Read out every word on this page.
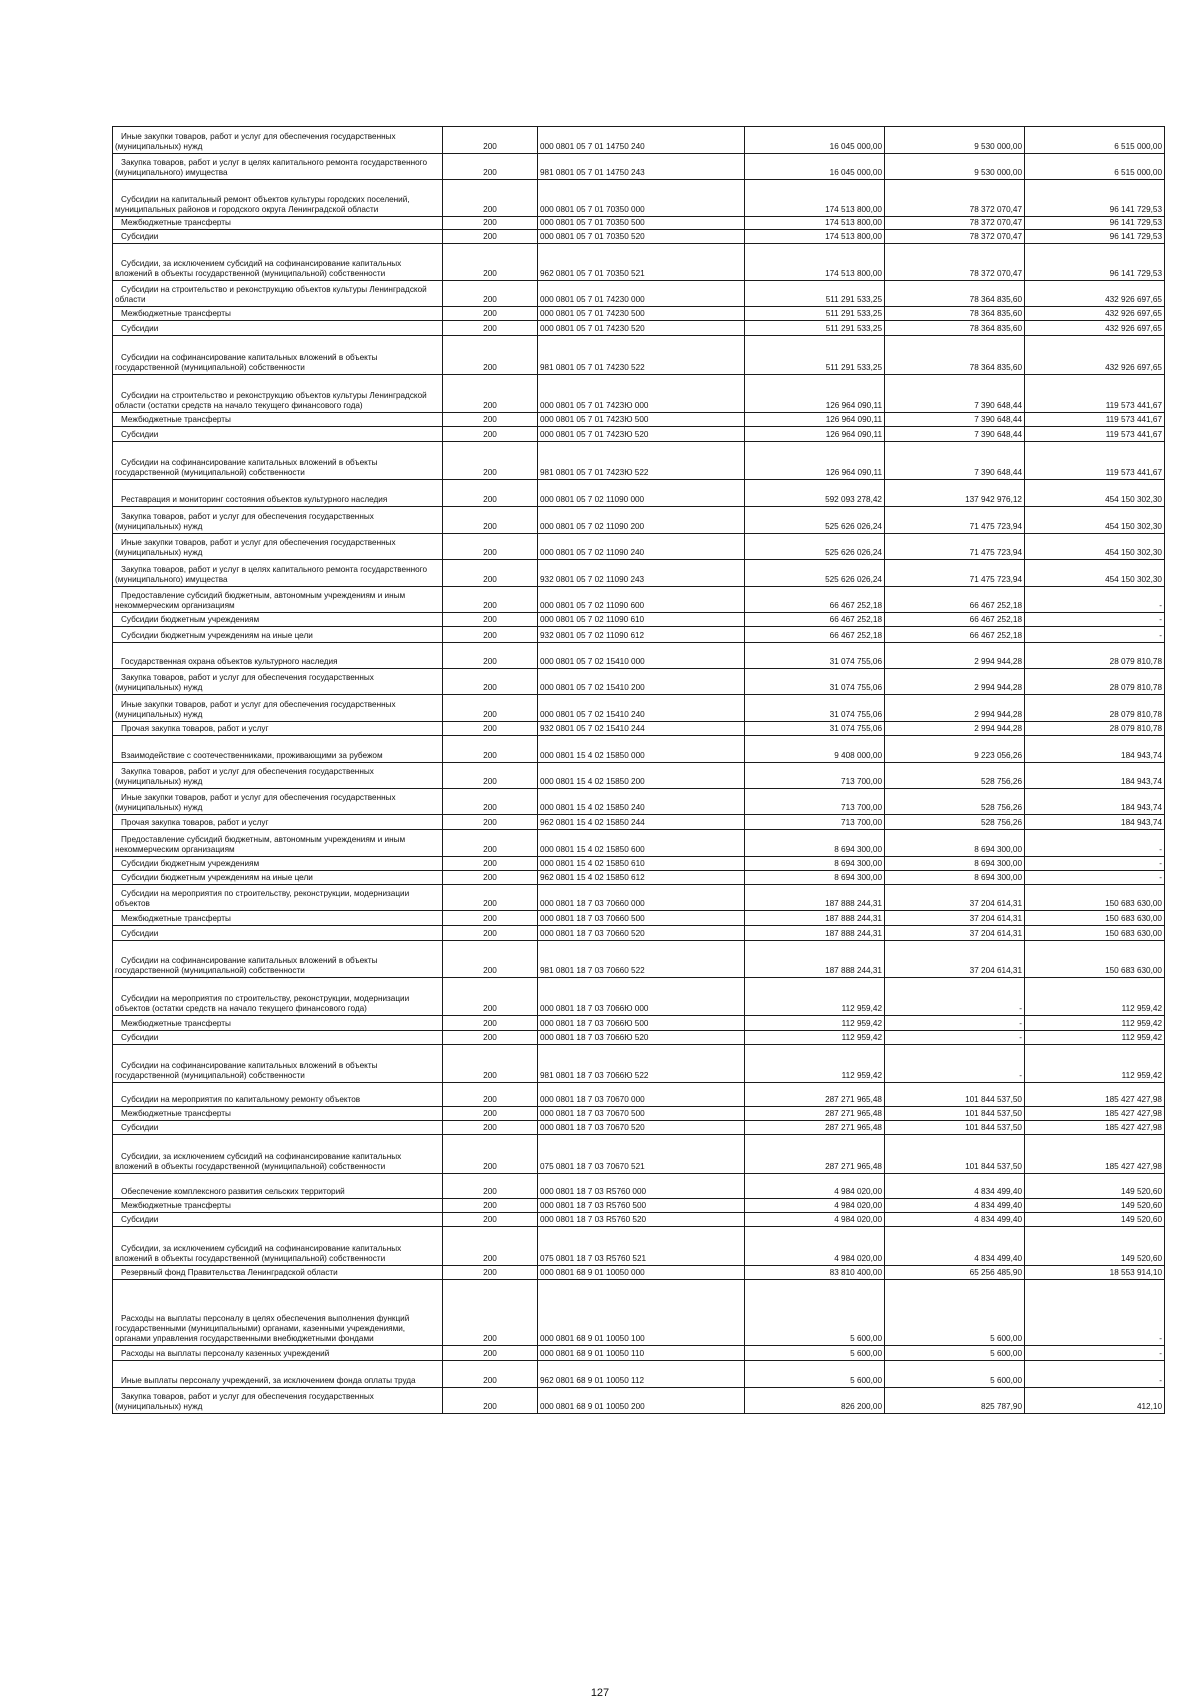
Иные закупки товаров, работ и услуг для обеспечения государственных (муниципальных) нужд	200	000 0801 05 7 01 14750 240	16 045 000,00	9 530 000,00	6 515 000,00
Закупка товаров, работ и услуг в целях капитального ремонта государственного (муниципального) имущества	200	981 0801 05 7 01 14750 243	16 045 000,00	9 530 000,00	6 515 000,00
Субсидии на капитальный ремонт объектов культуры городских поселений, муниципальных районов и городского округа Ленинградской области	200	000 0801 05 7 01 70350 000	174 513 800,00	78 372 070,47	96 141 729,53
Межбюджетные трансферты	200	000 0801 05 7 01 70350 500	174 513 800,00	78 372 070,47	96 141 729,53
Субсидии	200	000 0801 05 7 01 70350 520	174 513 800,00	78 372 070,47	96 141 729,53
Субсидии, за исключением субсидий на софинансирование капитальных вложений в объекты государственной (муниципальной) собственности	200	962 0801 05 7 01 70350 521	174 513 800,00	78 372 070,47	96 141 729,53
Субсидии на строительство и реконструкцию объектов культуры Ленинградской области	200	000 0801 05 7 01 74230 000	511 291 533,25	78 364 835,60	432 926 697,65
Межбюджетные трансферты	200	000 0801 05 7 01 74230 500	511 291 533,25	78 364 835,60	432 926 697,65
Субсидии	200	000 0801 05 7 01 74230 520	511 291 533,25	78 364 835,60	432 926 697,65
Субсидии на софинансирование капитальных вложений в объекты государственной (муниципальной) собственности	200	981 0801 05 7 01 74230 522	511 291 533,25	78 364 835,60	432 926 697,65
Субсидии на строительство и реконструкцию объектов культуры Ленинградской области (остатки средств на начало текущего финансового года)	200	000 0801 05 7 01 7423Ю 000	126 964 090,11	7 390 648,44	119 573 441,67
Межбюджетные трансферты	200	000 0801 05 7 01 7423Ю 500	126 964 090,11	7 390 648,44	119 573 441,67
Субсидии	200	000 0801 05 7 01 7423Ю 520	126 964 090,11	7 390 648,44	119 573 441,67
Субсидии на софинансирование капитальных вложений в объекты государственной (муниципальной) собственности	200	981 0801 05 7 01 7423Ю 522	126 964 090,11	7 390 648,44	119 573 441,67
Реставрация и мониторинг состояния объектов культурного наследия	200	000 0801 05 7 02 11090 000	592 093 278,42	137 942 976,12	454 150 302,30
Закупка товаров, работ и услуг для обеспечения государственных (муниципальных) нужд	200	000 0801 05 7 02 11090 200	525 626 026,24	71 475 723,94	454 150 302,30
Иные закупки товаров, работ и услуг для обеспечения государственных (муниципальных) нужд	200	000 0801 05 7 02 11090 240	525 626 026,24	71 475 723,94	454 150 302,30
Закупка товаров, работ и услуг в целях капитального ремонта государственного (муниципального) имущества	200	932 0801 05 7 02 11090 243	525 626 026,24	71 475 723,94	454 150 302,30
Предоставление субсидий бюджетным, автономным учреждениям и иным некоммерческим организациям	200	000 0801 05 7 02 11090 600	66 467 252,18	66 467 252,18	-
Субсидии бюджетным учреждениям	200	000 0801 05 7 02 11090 610	66 467 252,18	66 467 252,18	-
Субсидии бюджетным учреждениям на иные цели	200	932 0801 05 7 02 11090 612	66 467 252,18	66 467 252,18	-
Государственная охрана объектов культурного наследия	200	000 0801 05 7 02 15410 000	31 074 755,06	2 994 944,28	28 079 810,78
Закупка товаров, работ и услуг для обеспечения государственных (муниципальных) нужд	200	000 0801 05 7 02 15410 200	31 074 755,06	2 994 944,28	28 079 810,78
Иные закупки товаров, работ и услуг для обеспечения государственных (муниципальных) нужд	200	000 0801 05 7 02 15410 240	31 074 755,06	2 994 944,28	28 079 810,78
Прочая закупка товаров, работ и услуг	200	932 0801 05 7 02 15410 244	31 074 755,06	2 994 944,28	28 079 810,78
Взаимодействие с соотечественниками, проживающими за рубежом	200	000 0801 15 4 02 15850 000	9 408 000,00	9 223 056,26	184 943,74
Закупка товаров, работ и услуг для обеспечения государственных (муниципальных) нужд	200	000 0801 15 4 02 15850 200	713 700,00	528 756,26	184 943,74
Иные закупки товаров, работ и услуг для обеспечения государственных (муниципальных) нужд	200	000 0801 15 4 02 15850 240	713 700,00	528 756,26	184 943,74
Прочая закупка товаров, работ и услуг	200	962 0801 15 4 02 15850 244	713 700,00	528 756,26	184 943,74
Предоставление субсидий бюджетным, автономным учреждениям и иным некоммерческим организациям	200	000 0801 15 4 02 15850 600	8 694 300,00	8 694 300,00	-
Субсидии бюджетным учреждениям	200	000 0801 15 4 02 15850 610	8 694 300,00	8 694 300,00	-
Субсидии бюджетным учреждениям на иные цели	200	962 0801 15 4 02 15850 612	8 694 300,00	8 694 300,00	-
Субсидии на мероприятия по строительству, реконструкции, модернизации объектов	200	000 0801 18 7 03 70660 000	187 888 244,31	37 204 614,31	150 683 630,00
Межбюджетные трансферты	200	000 0801 18 7 03 70660 500	187 888 244,31	37 204 614,31	150 683 630,00
Субсидии	200	000 0801 18 7 03 70660 520	187 888 244,31	37 204 614,31	150 683 630,00
Субсидии на софинансирование капитальных вложений в объекты государственной (муниципальной) собственности	200	981 0801 18 7 03 70660 522	187 888 244,31	37 204 614,31	150 683 630,00
Субсидии на мероприятия по строительству, реконструкции, модернизации объектов (остатки средств на начало текущего финансового года)	200	000 0801 18 7 03 7066Ю 000	112 959,42	-	112 959,42
Межбюджетные трансферты	200	000 0801 18 7 03 7066Ю 500	112 959,42	-	112 959,42
Субсидии	200	000 0801 18 7 03 7066Ю 520	112 959,42	-	112 959,42
Субсидии на софинансирование капитальных вложений в объекты государственной (муниципальной) собственности	200	981 0801 18 7 03 7066Ю 522	112 959,42	-	112 959,42
Субсидии на мероприятия по капитальному ремонту объектов	200	000 0801 18 7 03 70670 000	287 271 965,48	101 844 537,50	185 427 427,98
Межбюджетные трансферты	200	000 0801 18 7 03 70670 500	287 271 965,48	101 844 537,50	185 427 427,98
Субсидии	200	000 0801 18 7 03 70670 520	287 271 965,48	101 844 537,50	185 427 427,98
Субсидии, за исключением субсидий на софинансирование капитальных вложений в объекты государственной (муниципальной) собственности	200	075 0801 18 7 03 70670 521	287 271 965,48	101 844 537,50	185 427 427,98
Обеспечение комплексного развития сельских территорий	200	000 0801 18 7 03 R5760 000	4 984 020,00	4 834 499,40	149 520,60
Межбюджетные трансферты	200	000 0801 18 7 03 R5760 500	4 984 020,00	4 834 499,40	149 520,60
Субсидии	200	000 0801 18 7 03 R5760 520	4 984 020,00	4 834 499,40	149 520,60
Субсидии, за исключением субсидий на софинансирование капитальных вложений в объекты государственной (муниципальной) собственности	200	075 0801 18 7 03 R5760 521	4 984 020,00	4 834 499,40	149 520,60
Резервный фонд Правительства Ленинградской области	200	000 0801 68 9 01 10050 000	83 810 400,00	65 256 485,90	18 553 914,10
Расходы на выплаты персоналу в целях обеспечения выполнения функций государственными (муниципальными) органами, казенными учреждениями, органами управления государственными внебюджетными фондами	200	000 0801 68 9 01 10050 100	5 600,00	5 600,00	-
Расходы на выплаты персоналу казенных учреждений	200	000 0801 68 9 01 10050 110	5 600,00	5 600,00	-
Иные выплаты персоналу учреждений, за исключением фонда оплаты труда	200	962 0801 68 9 01 10050 112	5 600,00	5 600,00	-
Закупка товаров, работ и услуг для обеспечения государственных (муниципальных) нужд	200	000 0801 68 9 01 10050 200	826 200,00	825 787,90	412,10
127
